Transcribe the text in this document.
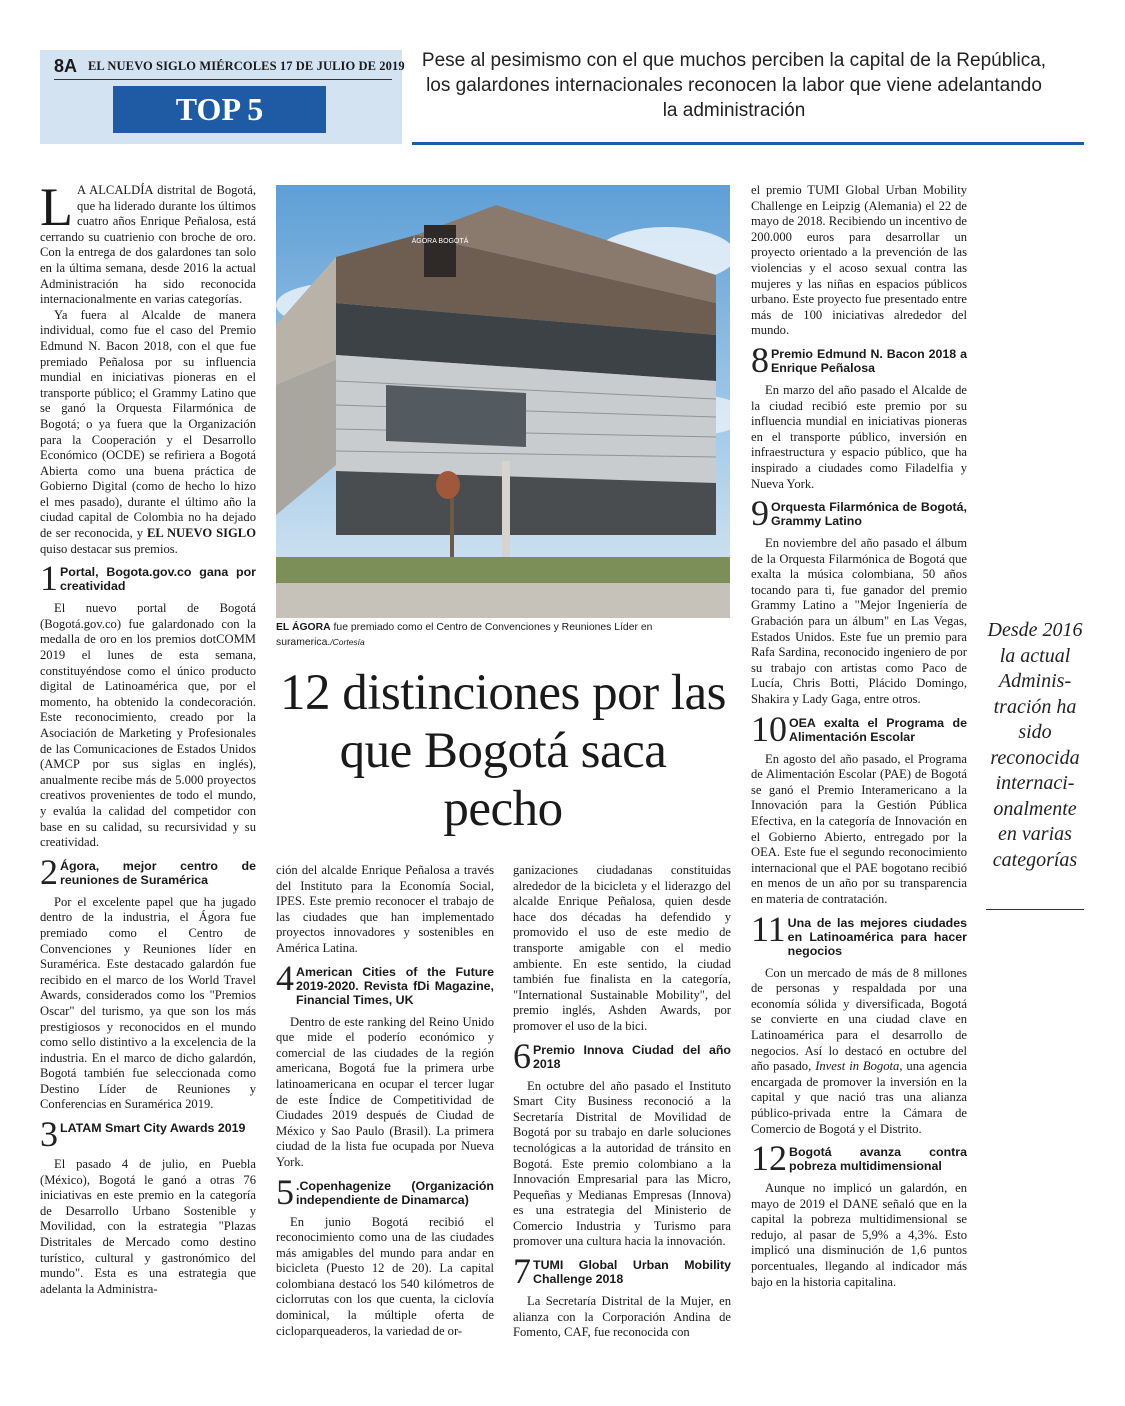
8A EL NUEVO SIGLO MIÉRCOLES 17 DE JULIO DE 2019
TOP 5
Pese al pesimismo con el que muchos perciben la capital de la República, los galardones internacionales reconocen la labor que viene adelantando la administración

L A ALCALDÍA distrital de Bogotá, que ha liderado durante los últimos cuatro años Enrique Peñalosa, está cerrando su cuatrienio con broche de oro. Con la entrega de dos galardones tan solo en la última semana, desde 2016 la actual Administración ha sido reconocida internacionalmente en varias categorías.

Ya fuera al Alcalde de manera individual, como fue el caso del Premio Edmund N. Bacon 2018, con el que fue premiado Peñalosa por su influencia mundial en iniciativas pioneras en el transporte público; el Grammy Latino que se ganó la Orquesta Filarmónica de Bogotá; o ya fuera que la Organización para la Cooperación y el Desarrollo Económico (OCDE) se refiriera a Bogotá Abierta como una buena práctica de Gobierno Digital (como de hecho lo hizo el mes pasado), durante el último año la ciudad capital de Colombia no ha dejado de ser reconocida, y EL NUEVO SIGLO quiso destacar sus premios.

1 Portal, Bogota.gov.co gana por creatividad

El nuevo portal de Bogotá (Bogotá.gov.co) fue galardonado con la medalla de oro en los premios dotCOMM 2019 el lunes de esta semana, constituyéndose como el único producto digital de Latinoamérica que, por el momento, ha obtenido la condecoración. Este reconocimiento, creado por la Asociación de Marketing y Profesionales de las Comunicaciones de Estados Unidos (AMCP por sus siglas en inglés), anualmente recibe más de 5.000 proyectos creativos provenientes de todo el mundo, y evalúa la calidad del competidor con base en su calidad, su recursividad y su creatividad.

2 Ágora, mejor centro de reuniones de Suramérica

Por el excelente papel que ha jugado dentro de la industria, el Ágora fue premiado como el Centro de Convenciones y Reuniones líder en Suramérica. Este destacado galardón fue recibido en el marco de los World Travel Awards, considerados como los "Premios Oscar" del turismo, ya que son los más prestigiosos y reconocidos en el mundo como sello distintivo a la excelencia de la industria. En el marco de dicho galardón, Bogotá también fue seleccionada como Destino Líder de Reuniones y Conferencias en Suramérica 2019.

3 LATAM Smart City Awards 2019

El pasado 4 de julio, en Puebla (México), Bogotá le ganó a otras 76 iniciativas en este premio en la categoría de Desarrollo Urbano Sostenible y Movilidad, con la estrategia "Plazas Distritales de Mercado como destino turístico, cultural y gastronómico del mundo". Esta es una estrategia que adelanta la Administra-

ÁGORA BOGOTÁ
EL ÁGORA fue premiado como el Centro de Convenciones y Reuniones Líder en suramerica./Cortesía
12 distinciones por las que Bogotá saca pecho

ción del alcalde Enrique Peñalosa a través del Instituto para la Economía Social, IPES. Este premio reconocer el trabajo de las ciudades que han implementado proyectos innovadores y sostenibles en América Latina.

4 American Cities of the Future 2019-2020. Revista fDi Magazine, Financial Times, UK

Dentro de este ranking del Reino Unido que mide el poderío económico y comercial de las ciudades de la región americana, Bogotá fue la primera urbe latinoamericana en ocupar el tercer lugar de este Índice de Competitividad de Ciudades 2019 después de Ciudad de México y Sao Paulo (Brasil). La primera ciudad de la lista fue ocupada por Nueva York.

5 .Copenhagenize (Organización independiente de Dinamarca)

En junio Bogotá recibió el reconocimiento como una de las ciudades más amigables del mundo para andar en bicicleta (Puesto 12 de 20). La capital colombiana destacó los 540 kilómetros de ciclorrutas con los que cuenta, la ciclovía dominical, la múltiple oferta de cicloparqueaderos, la variedad de or-

ganizaciones ciudadanas constituidas alrededor de la bicicleta y el liderazgo del alcalde Enrique Peñalosa, quien desde hace dos décadas ha defendido y promovido el uso de este medio de transporte amigable con el medio ambiente. En este sentido, la ciudad también fue finalista en la categoría, "International Sustainable Mobility", del premio inglés, Ashden Awards, por promover el uso de la bici.

6 Premio Innova Ciudad del año 2018

En octubre del año pasado el Instituto Smart City Business reconoció a la Secretaría Distrital de Movilidad de Bogotá por su trabajo en darle soluciones tecnológicas a la autoridad de tránsito en Bogotá. Este premio colombiano a la Innovación Empresarial para las Micro, Pequeñas y Medianas Empresas (Innova) es una estrategia del Ministerio de Comercio Industria y Turismo para promover una cultura hacia la innovación.

7 TUMI Global Urban Mobility Challenge 2018

La Secretaría Distrital de la Mujer, en alianza con la Corporación Andina de Fomento, CAF, fue reconocida con

el premio TUMI Global Urban Mobility Challenge en Leipzig (Alemania) el 22 de mayo de 2018. Recibiendo un incentivo de 200.000 euros para desarrollar un proyecto orientado a la prevención de las violencias y el acoso sexual contra las mujeres y las niñas en espacios públicos urbano. Este proyecto fue presentado entre más de 100 iniciativas alrededor del mundo.

8 Premio Edmund N. Bacon 2018 a Enrique Peñalosa

En marzo del año pasado el Alcalde de la ciudad recibió este premio por su influencia mundial en iniciativas pioneras en el transporte público, inversión en infraestructura y espacio público, que ha inspirado a ciudades como Filadelfia y Nueva York.

9 Orquesta Filarmónica de Bogotá, Grammy Latino

En noviembre del año pasado el álbum de la Orquesta Filarmónica de Bogotá que exalta la música colombiana, 50 años tocando para ti, fue ganador del premio Grammy Latino a "Mejor Ingeniería de Grabación para un álbum" en Las Vegas, Estados Unidos. Este fue un premio para Rafa Sardina, reconocido ingeniero de por su trabajo con artistas como Paco de Lucía, Chris Botti, Plácido Domingo, Shakira y Lady Gaga, entre otros.

10 OEA exalta el Programa de Alimentación Escolar

En agosto del año pasado, el Programa de Alimentación Escolar (PAE) de Bogotá se ganó el Premio Interamericano a la Innovación para la Gestión Pública Efectiva, en la categoría de Innovación en el Gobierno Abierto, entregado por la OEA. Este fue el segundo reconocimiento internacional que el PAE bogotano recibió en menos de un año por su transparencia en materia de contratación.

11 Una de las mejores ciudades en Latinoamérica para hacer negocios

Con un mercado de más de 8 millones de personas y respaldada por una economía sólida y diversificada, Bogotá se convierte en una ciudad clave en Latinoamérica para el desarrollo de negocios. Así lo destacó en octubre del año pasado, Invest in Bogota, una agencia encargada de promover la inversión en la capital y que nació tras una alianza público-privada entre la Cámara de Comercio de Bogotá y el Distrito.

12 Bogotá avanza contra pobreza multidimensional

Aunque no implicó un galardón, en mayo de 2019 el DANE señaló que en la capital la pobreza multidimensional se redujo, al pasar de 5,9% a 4,3%. Esto implicó una disminución de 1,6 puntos porcentuales, llegando al indicador más bajo en la historia capitalina.

Desde 2016 la actual Adminis-tración ha sido reconocida internaci-onalmente en varias categorías
